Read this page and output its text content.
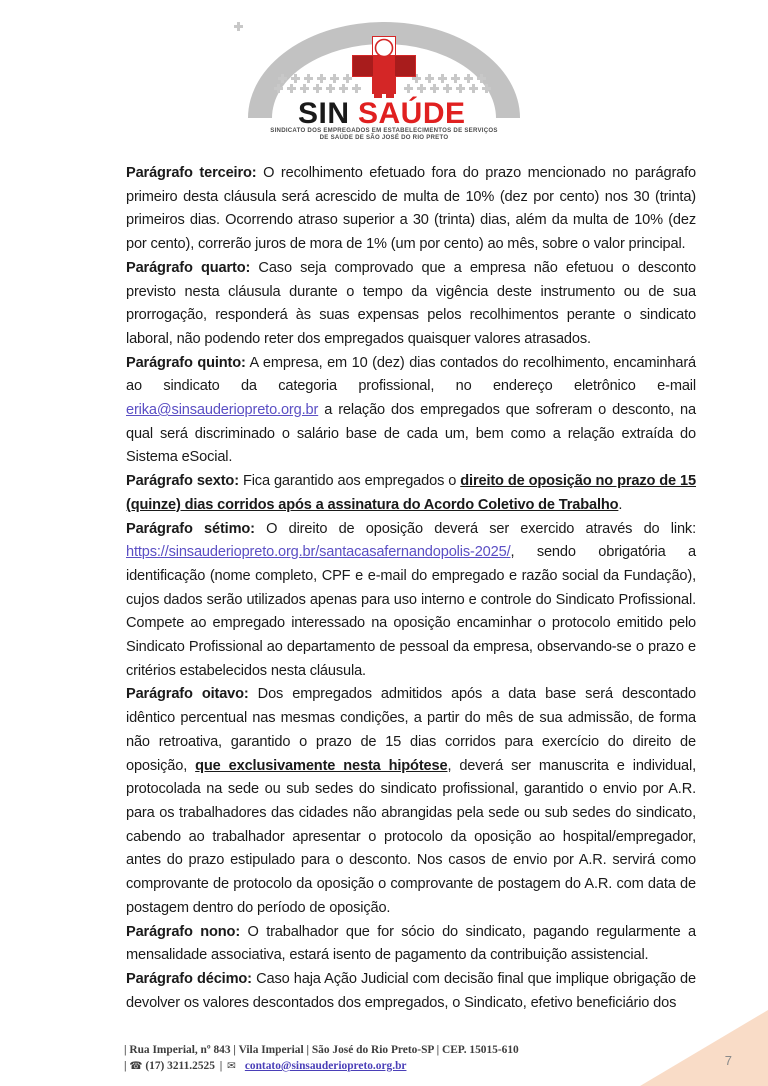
SIN SAÚDE
SINDICATO DOS EMPREGADOS EM ESTABELECIMENTOS DE SERVIÇOS
DE SAÚDE DE SÃO JOSÉ DO RIO PRETO

Parágrafo terceiro: O recolhimento efetuado fora do prazo mencionado no parágrafo primeiro desta cláusula será acrescido de multa de 10% (dez por cento) nos 30 (trinta) primeiros dias. Ocorrendo atraso superior a 30 (trinta) dias, além da multa de 10% (dez por cento), correrão juros de mora de 1% (um por cento) ao mês, sobre o valor principal.

Parágrafo quarto: Caso seja comprovado que a empresa não efetuou o desconto previsto nesta cláusula durante o tempo da vigência deste instrumento ou de sua prorrogação, responderá às suas expensas pelos recolhimentos perante o sindicato laboral, não podendo reter dos empregados quaisquer valores atrasados.

Parágrafo quinto: A empresa, em 10 (dez) dias contados do recolhimento, encaminhará ao sindicato da categoria profissional, no endereço eletrônico e-mail erika@sinsauderiopreto.org.br a relação dos empregados que sofreram o desconto, na qual será discriminado o salário base de cada um, bem como a relação extraída do Sistema eSocial.

Parágrafo sexto: Fica garantido aos empregados o direito de oposição no prazo de 15 (quinze) dias corridos após a assinatura do Acordo Coletivo de Trabalho.

Parágrafo sétimo: O direito de oposição deverá ser exercido através do link: https://sinsauderiopreto.org.br/santacasafernandopolis-2025/, sendo obrigatória a identificação (nome completo, CPF e e-mail do empregado e razão social da Fundação), cujos dados serão utilizados apenas para uso interno e controle do Sindicato Profissional. Compete ao empregado interessado na oposição encaminhar o protocolo emitido pelo Sindicato Profissional ao departamento de pessoal da empresa, observando-se o prazo e critérios estabelecidos nesta cláusula.

Parágrafo oitavo: Dos empregados admitidos após a data base será descontado idêntico percentual nas mesmas condições, a partir do mês de sua admissão, de forma não retroativa, garantido o prazo de 15 dias corridos para exercício do direito de oposição, que exclusivamente nesta hipótese, deverá ser manuscrita e individual, protocolada na sede ou sub sedes do sindicato profissional, garantido o envio por A.R. para os trabalhadores das cidades não abrangidas pela sede ou sub sedes do sindicato, cabendo ao trabalhador apresentar o protocolo da oposição ao hospital/empregador, antes do prazo estipulado para o desconto. Nos casos de envio por A.R. servirá como comprovante de protocolo da oposição o comprovante de postagem do A.R. com data de postagem dentro do período de oposição.

Parágrafo nono: O trabalhador que for sócio do sindicato, pagando regularmente a mensalidade associativa, estará isento de pagamento da contribuição assistencial.

Parágrafo décimo: Caso haja Ação Judicial com decisão final que implique obrigação de devolver os valores descontados dos empregados, o Sindicato, efetivo beneficiário dos

| Rua Imperial, nº 843 | Vila Imperial | São José do Rio Preto-SP | CEP. 15015-610
| ☎ (17) 3211.2525 | ✉ contato@sinsauderiopreto.org.br	7
